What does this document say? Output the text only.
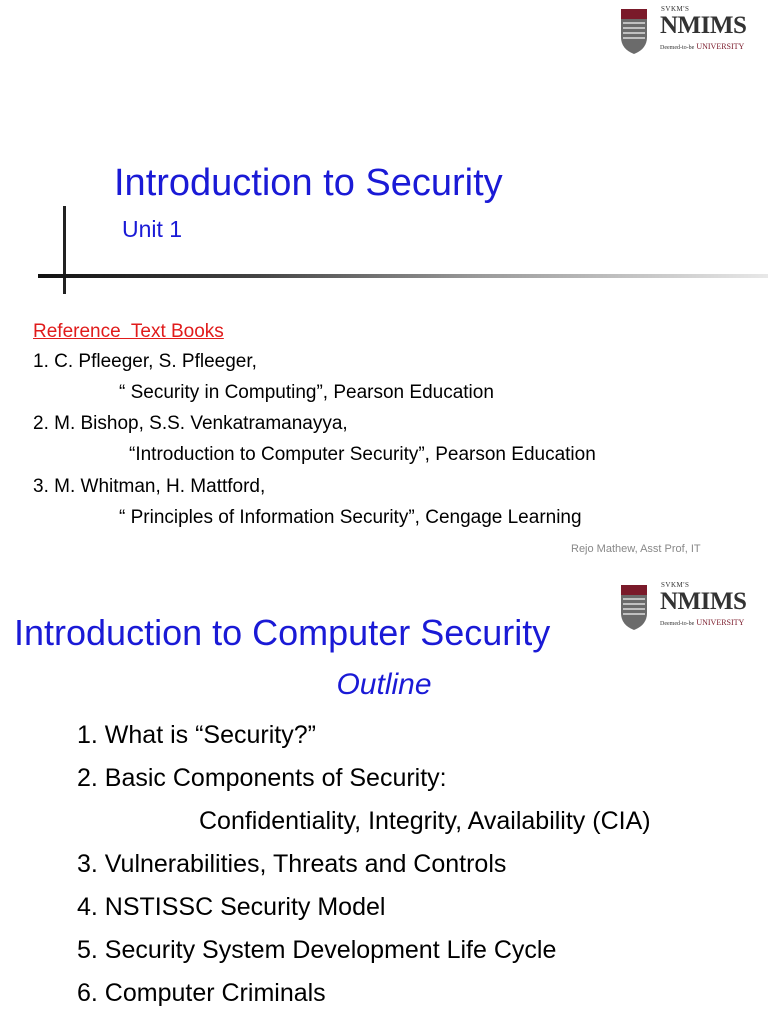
SVKM'S
NMIMS
Deemed-to-be UNIVERSITY
Introduction to Security
Unit 1
Reference  Text Books
1. C. Pfleeger, S. Pfleeger,
“ Security in Computing”, Pearson Education
2. M. Bishop, S.S. Venkatramanayya,
“Introduction to Computer Security”, Pearson Education
3. M. Whitman, H. Mattford,
“ Principles of Information Security”, Cengage Learning
Rejo Mathew, Asst Prof, IT
SVKM'S
NMIMS
Deemed-to-be UNIVERSITY
Introduction to Computer Security
Outline
1. What is “Security?”
2. Basic Components of Security:
Confidentiality, Integrity, Availability (CIA)
3. Vulnerabilities, Threats and Controls
4. NSTISSC Security Model
5. Security System Development Life Cycle
6. Computer Criminals
